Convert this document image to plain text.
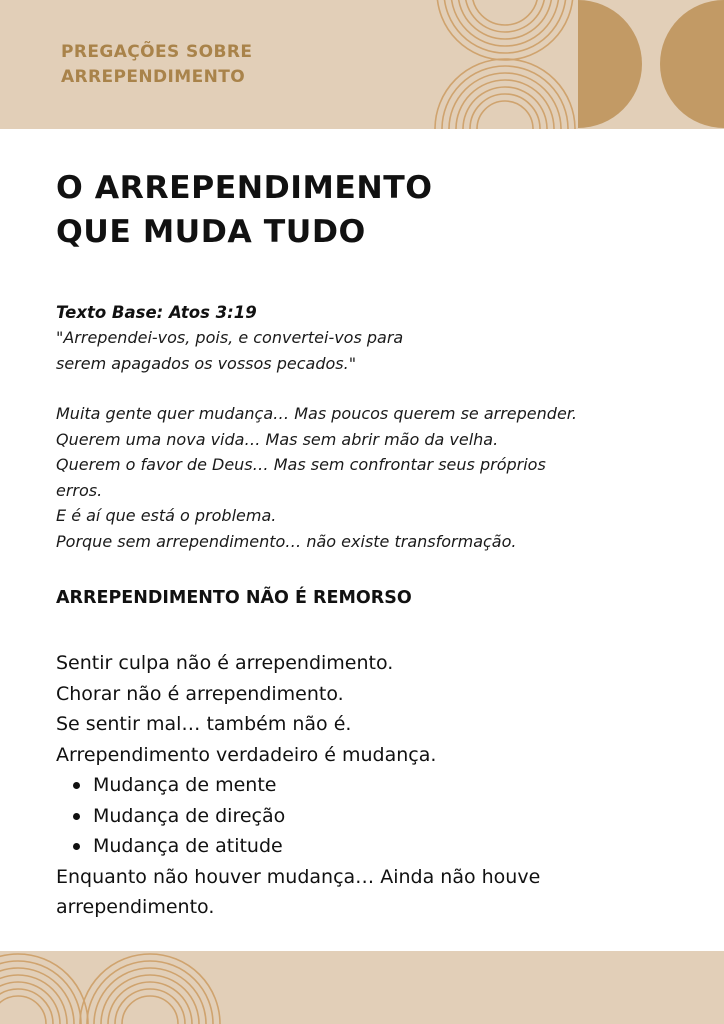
PREGAÇÕES SOBRE
ARREPENDIMENTO

O ARREPENDIMENTO
QUE MUDA TUDO
Texto Base: Atos 3:19
"Arrependei-vos, pois, e convertei-vos para
serem apagados os vossos pecados."
Muita gente quer mudança… Mas poucos querem se arrepender.
Querem uma nova vida… Mas sem abrir mão da velha.
Querem o favor de Deus… Mas sem confrontar seus próprios
erros.
E é aí que está o problema.
Porque sem arrependimento… não existe transformação.
ARREPENDIMENTO NÃO É REMORSO
Sentir culpa não é arrependimento.
Chorar não é arrependimento.
Se sentir mal… também não é.
Arrependimento verdadeiro é mudança.
Mudança de mente
Mudança de direção
Mudança de atitude
Enquanto não houver mudança… Ainda não houve
arrependimento.
